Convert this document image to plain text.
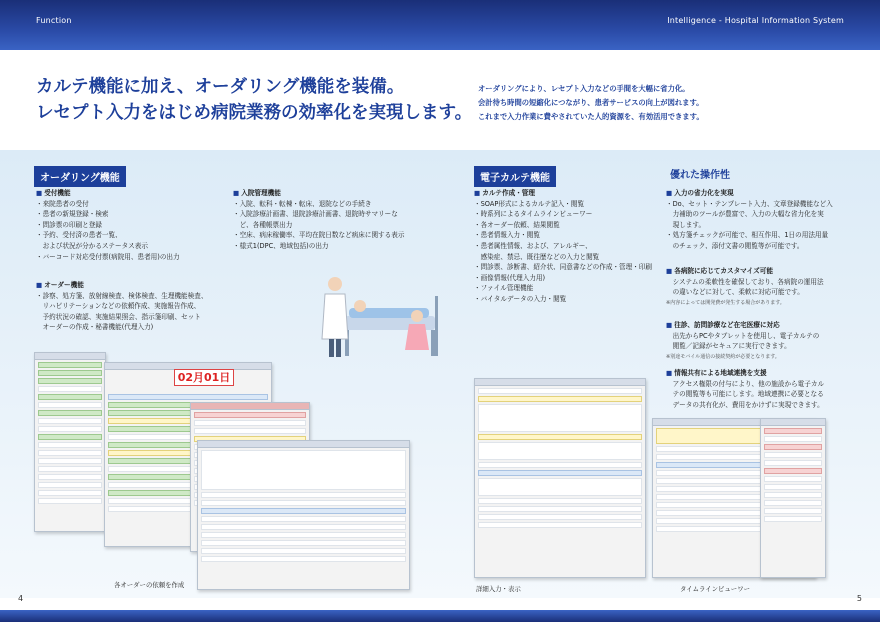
Function	Intelligence - Hospital Information System
カルテ機能に加え、オーダリング機能を装備。
レセプト入力をはじめ病院業務の効率化を実現します。

オーダリングにより、レセプト入力などの手間を大幅に省力化。

会計待ち時間の短縮化につながり、患者サービスの向上が図れます。

これまで入力作業に費やされていた人的資源を、有効活用できます。

オーダリング機能
■ 受付機能
・来院患者の受付
・患者の新規登録・検索
・問診票の印刷と登録
・予約、受付済の患者一覧、
　および状況が分かるステータス表示
・バーコード対応受付票(病院用、患者用)の出力
■ オーダー機能
・診察、処方箋、放射線検査、検体検査、生理機能検査、
　リハビリテーションなどの依頼作成、実施報告作成、
　予約状況の確認、実施結果照会、指示箋印刷、セット
　オーダーの作成・秘書機能(代理入力)
■ 入院管理機能
・入院、転科・転棟・転床、退院などの手続き
・入院診療計画書、退院診療計画書、退院時サマリーな
　ど、各種帳票出力
・空床、病床稼働率、平均在院日数など病床に関する表示
・様式1(DPC、地域包括)の出力
02月01日
各オーダーの依頼を作成
電子カルテ機能
■ カルテ作成・管理
・SOAP形式によるカルテ記入・閲覧
・時系列によるタイムラインビューワー
・各オーダー依頼、結果閲覧
・患者情報入力・閲覧
・患者属性情報、および、アレルギー、
　感染症、禁忌、既往歴などの入力と閲覧
・問診票、診断書、紹介状、同意書などの作成・管理・印刷
・画像情報(代理入力用)
・ファイル管理機能
・バイタルデータの入力・閲覧
詳細入力・表示
優れた操作性
■ 入力の省力化を実現
・Do、セット・テンプレート入力、文章登録機能など入
　力補助のツールが豊富で、入力の大幅な省力化を実
　現します。
・処方箋チェックが可能で、相互作用、1日の用法用量
　のチェック、添付文書の閲覧等が可能です。
■ 各病院に応じてカスタマイズ可能
　システムの柔軟性を確保しており、各病院の運用法
　の違いなどに対して、柔軟に対応可能です。
※内容によっては開発費が発生する場合があります。
■ 往診、訪問診療など在宅医療に対応
　出先からPCやタブレットを使用し、電子カルテの
　閲覧／記録がセキュアに実行できます。
※別途モバイル通信の接続契約が必要となります。
■ 情報共有による地域連携を支援
　アクセス権限の付与により、他の施設から電子カル
　テの閲覧等も可能にします。地域連携に必要となる
　データの共有化が、費用をかけずに実現できます。
タイムラインビューワー
4	5
